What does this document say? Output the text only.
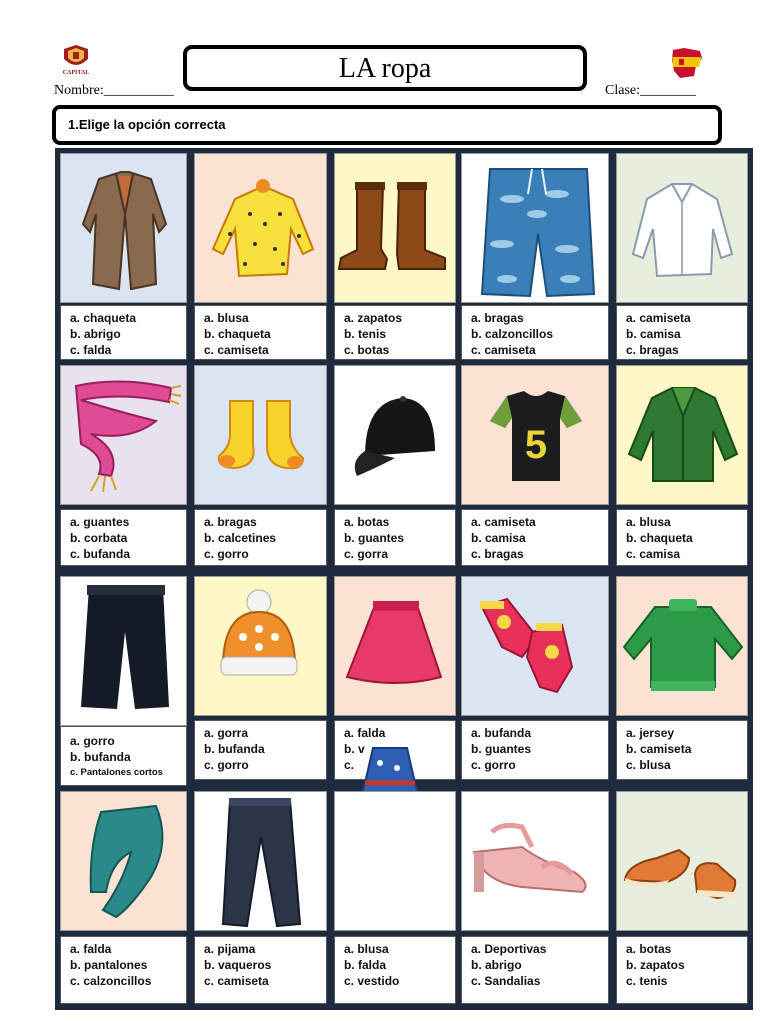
CAPITAL
Nombre:__________	Clase:________
LA ropa
1.Elige la opción correcta
a. chaqueta
b. abrigo
c. falda
a. blusa
b. chaqueta
c. camiseta
a. zapatos
b. tenis
c. botas
a. bragas
b. calzoncillos
c. camiseta
a. camiseta
b. camisa
c. bragas
a. guantes
b. corbata
c. bufanda
a. bragas
b. calcetines
c. gorro
a. botas
b. guantes
c. gorra
5
a. camiseta
b. camisa
c. bragas
a. blusa
b. chaqueta
c. camisa
a. gorro
b. bufanda
c. Pantalones cortos
a. gorra
b. bufanda
c. gorro
a. falda
b. v
c.
a. bufanda
b. guantes
c. gorro
a. jersey
b. camiseta
c. blusa
a. falda
b. pantalones
c. calzoncillos
a. pijama
b. vaqueros
c. camiseta
a. blusa
b. falda
c. vestido
a. Deportivas
b. abrigo
c. Sandalias
a. botas
b. zapatos
c. tenis
